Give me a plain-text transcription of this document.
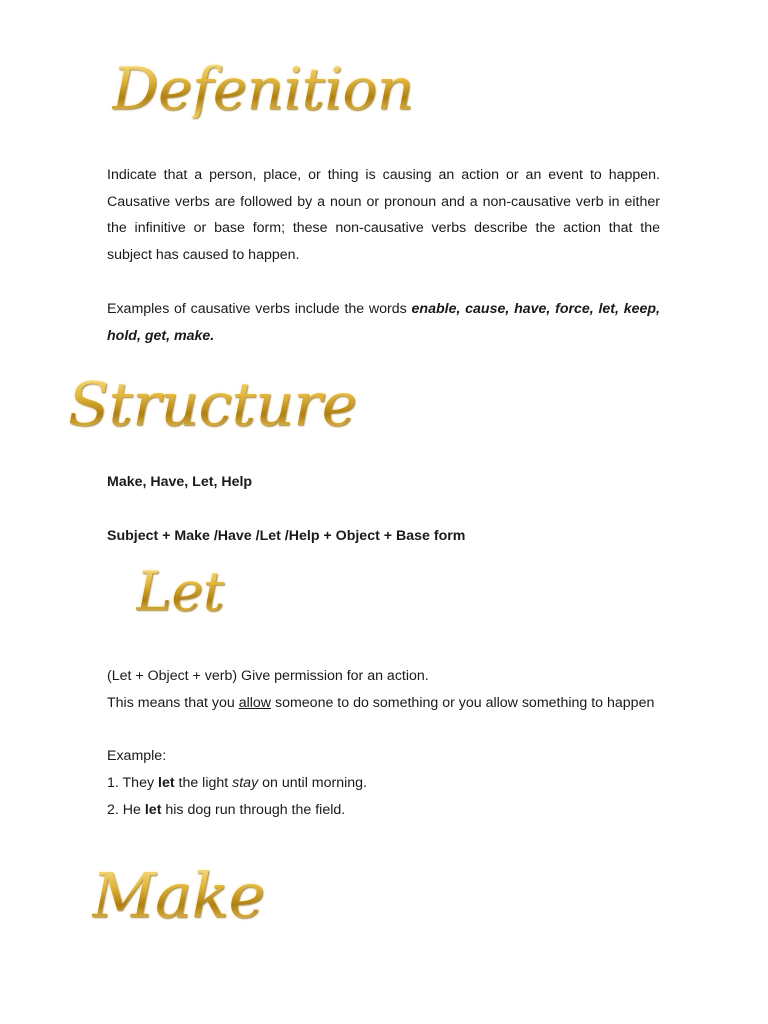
Defenition

Indicate that a person, place, or thing is causing an action or an event to happen. Causative verbs are followed by a noun or pronoun and a non-causative verb in either the infinitive or base form; these non-causative verbs describe the action that the subject has caused to happen.

Examples of causative verbs include the words enable, cause, have, force, let, keep, hold, get, make.

Structure
Make, Have, Let, Help
Subject + Make /Have /Let /Help + Object + Base form
Let
(Let + Object + verb) Give permission for an action.

This means that you allow someone to do something or you allow something to happen

Example:
1. They let the light stay on until morning.
2. He let his dog run through the field.
Make
